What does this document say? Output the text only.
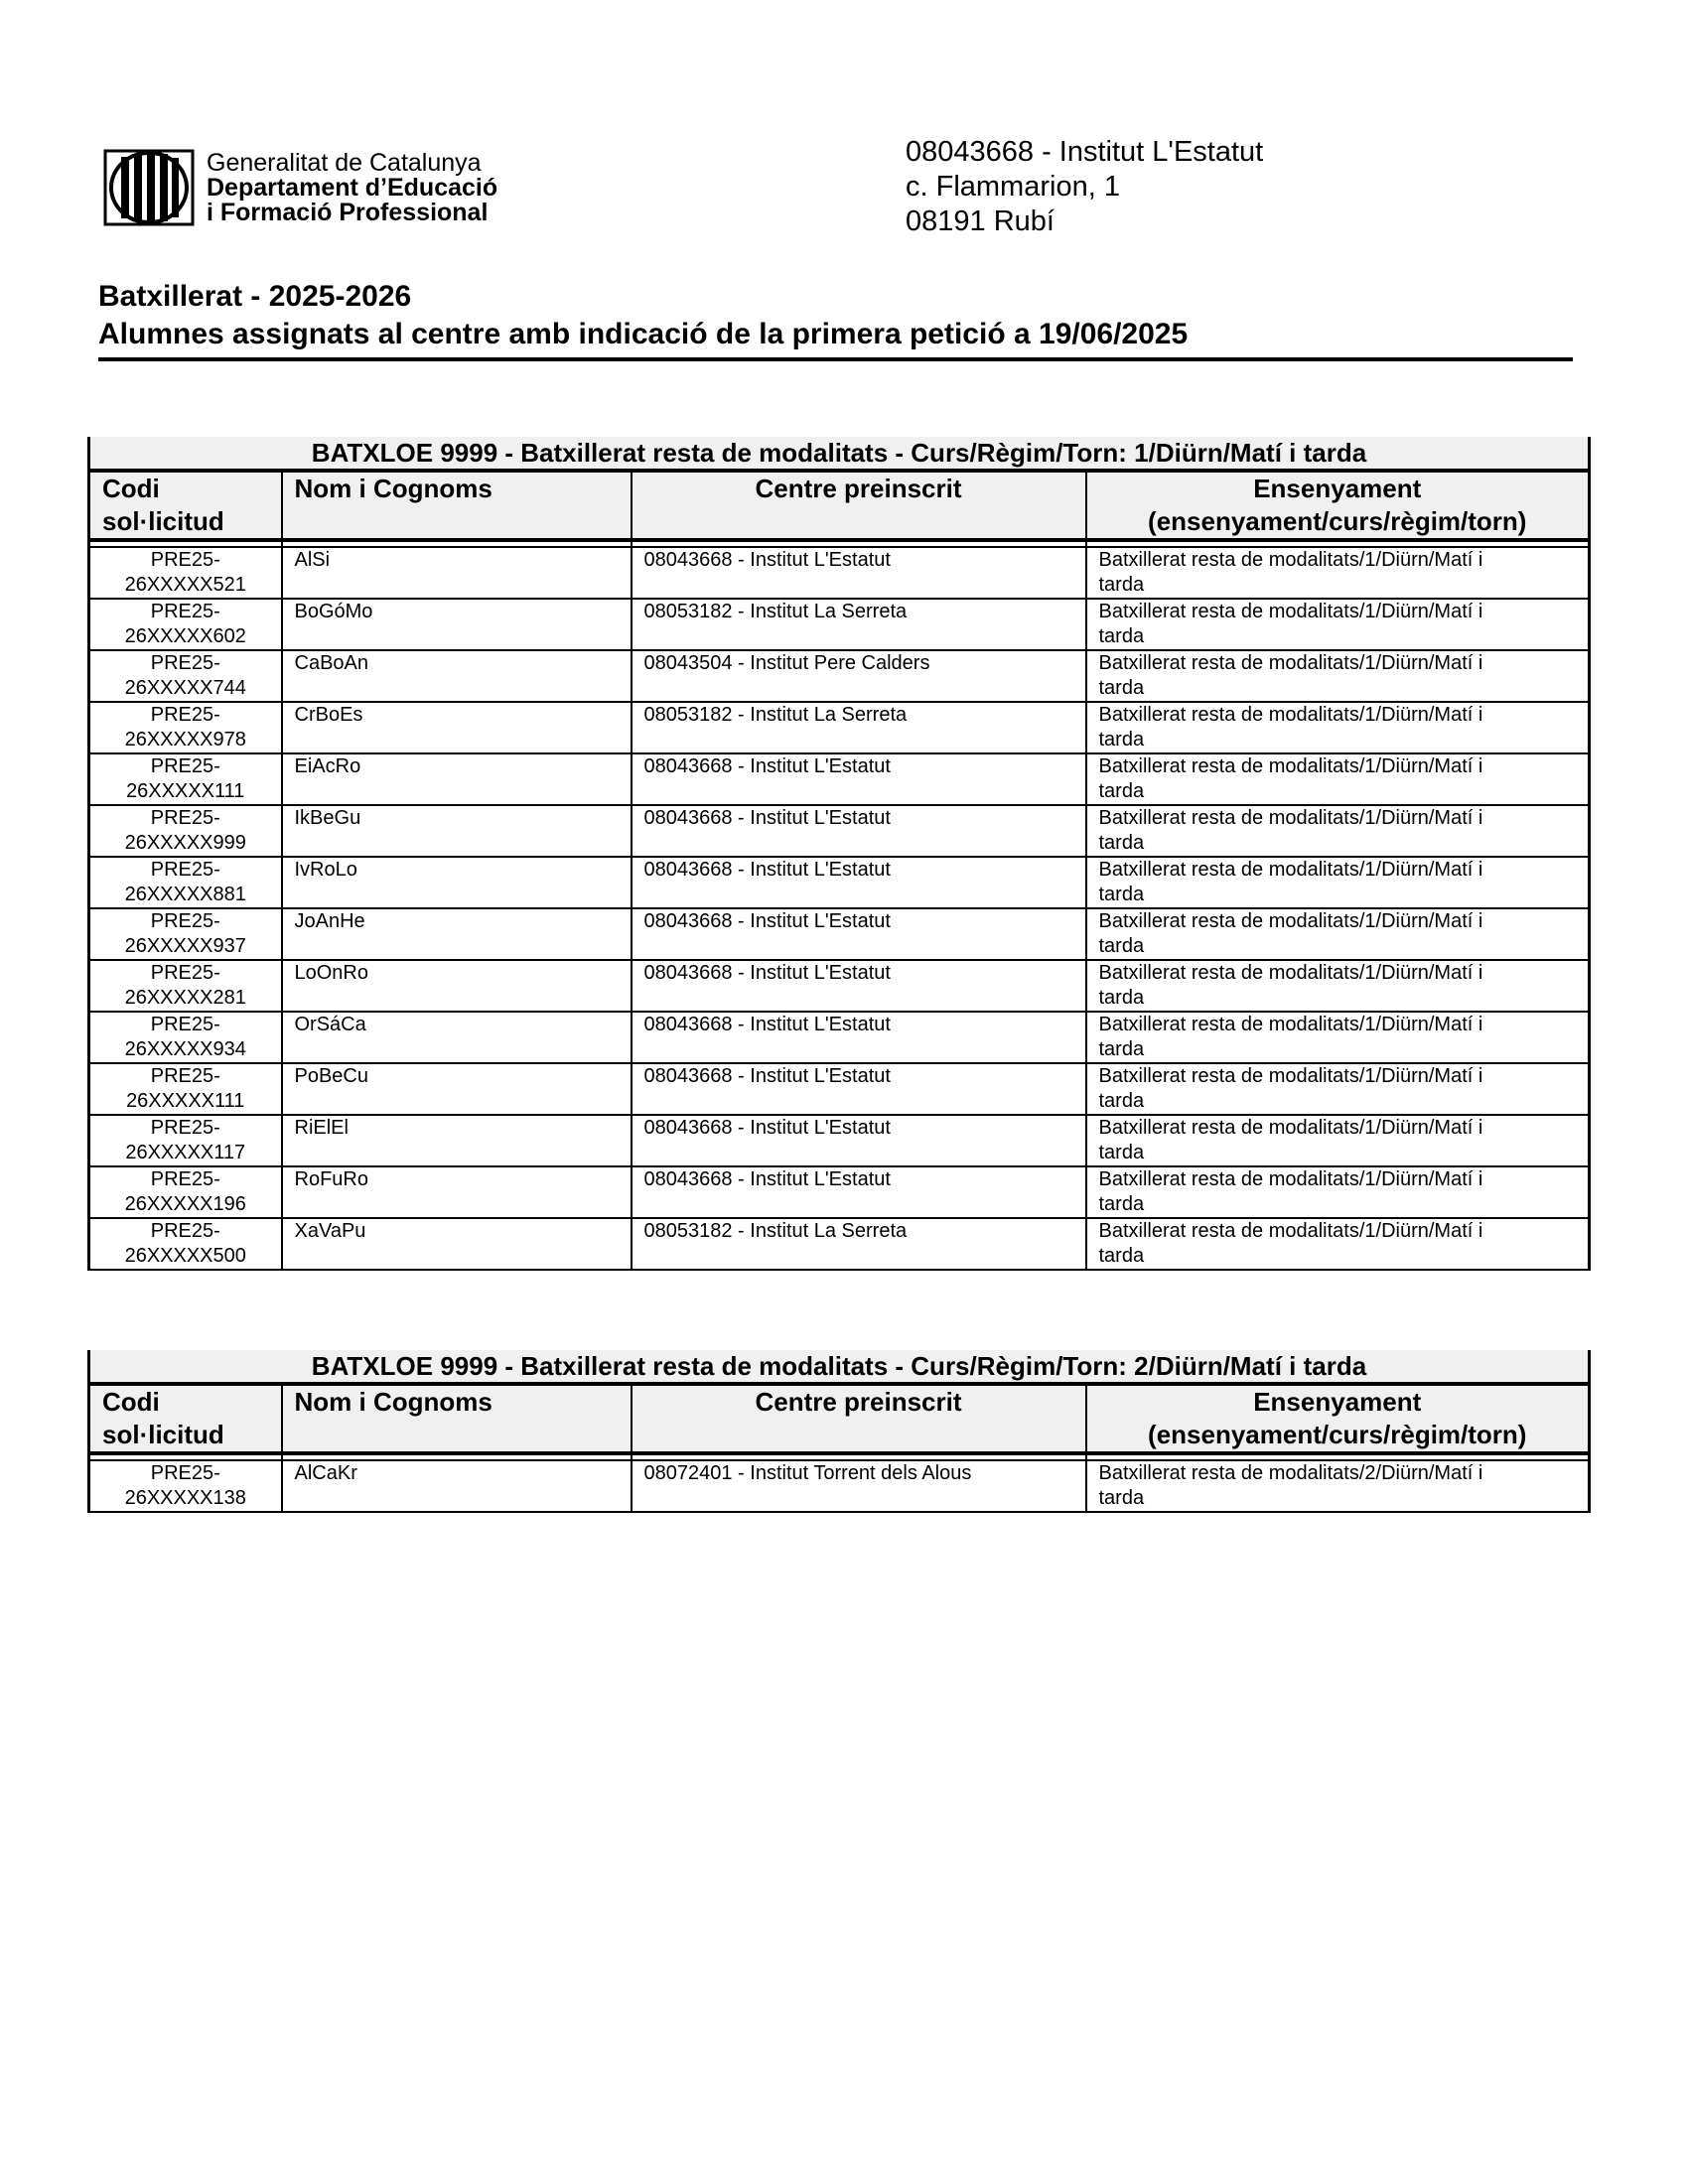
Generalitat de Catalunya
Departament d’Educació
i Formació Professional
08043668 - Institut L'Estatut
c. Flammarion, 1
08191 Rubí
Batxillerat - 2025-2026
Alumnes assignats al centre amb indicació de la primera petició a 19/06/2025
BATXLOE 9999 - Batxillerat resta de modalitats - Curs/Règim/Torn: 1/Diürn/Matí i tarda			
Codi
sol·licitud	Nom i Cognoms	Centre preinscrit	Ensenyament
(ensenyament/curs/règim/torn)

PRE25-
26XXXXX521	AlSi	08043668 - Institut L'Estatut	Batxillerat resta de modalitats/1/Diürn/Matí i
tarda
PRE25-
26XXXXX602	BoGóMo	08053182 - Institut La Serreta	Batxillerat resta de modalitats/1/Diürn/Matí i
tarda
PRE25-
26XXXXX744	CaBoAn	08043504 - Institut Pere Calders	Batxillerat resta de modalitats/1/Diürn/Matí i
tarda
PRE25-
26XXXXX978	CrBoEs	08053182 - Institut La Serreta	Batxillerat resta de modalitats/1/Diürn/Matí i
tarda
PRE25-
26XXXXX111	EiAcRo	08043668 - Institut L'Estatut	Batxillerat resta de modalitats/1/Diürn/Matí i
tarda
PRE25-
26XXXXX999	IkBeGu	08043668 - Institut L'Estatut	Batxillerat resta de modalitats/1/Diürn/Matí i
tarda
PRE25-
26XXXXX881	IvRoLo	08043668 - Institut L'Estatut	Batxillerat resta de modalitats/1/Diürn/Matí i
tarda
PRE25-
26XXXXX937	JoAnHe	08043668 - Institut L'Estatut	Batxillerat resta de modalitats/1/Diürn/Matí i
tarda
PRE25-
26XXXXX281	LoOnRo	08043668 - Institut L'Estatut	Batxillerat resta de modalitats/1/Diürn/Matí i
tarda
PRE25-
26XXXXX934	OrSáCa	08043668 - Institut L'Estatut	Batxillerat resta de modalitats/1/Diürn/Matí i
tarda
PRE25-
26XXXXX111	PoBeCu	08043668 - Institut L'Estatut	Batxillerat resta de modalitats/1/Diürn/Matí i
tarda
PRE25-
26XXXXX117	RiElEl	08043668 - Institut L'Estatut	Batxillerat resta de modalitats/1/Diürn/Matí i
tarda
PRE25-
26XXXXX196	RoFuRo	08043668 - Institut L'Estatut	Batxillerat resta de modalitats/1/Diürn/Matí i
tarda
PRE25-
26XXXXX500	XaVaPu	08053182 - Institut La Serreta	Batxillerat resta de modalitats/1/Diürn/Matí i
tarda
BATXLOE 9999 - Batxillerat resta de modalitats - Curs/Règim/Torn: 2/Diürn/Matí i tarda			
Codi
sol·licitud	Nom i Cognoms	Centre preinscrit	Ensenyament
(ensenyament/curs/règim/torn)

PRE25-
26XXXXX138	AlCaKr	08072401 - Institut Torrent dels Alous	Batxillerat resta de modalitats/2/Diürn/Matí i
tarda
